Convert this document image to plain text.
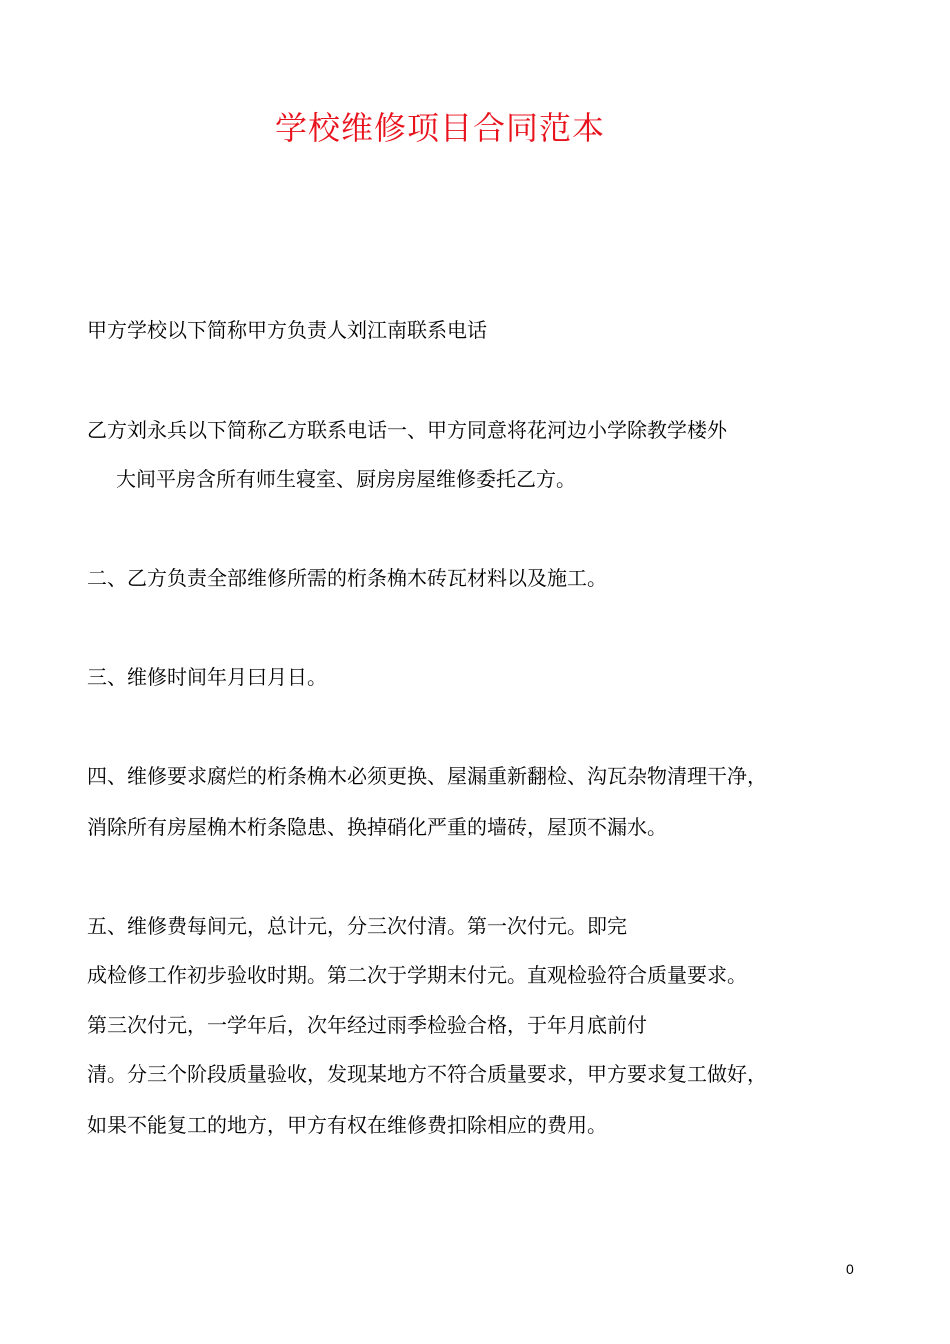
学校维修项目合同范本
甲方学校以下简称甲方负责人刘江南联系电话
乙方刘永兵以下简称乙方联系电话一、甲方同意将花河边小学除教学楼外
大间平房含所有师生寝室、厨房房屋维修委托乙方。
二、乙方负责全部维修所需的桁条桷木砖瓦材料以及施工。
三、维修时间年月曰月日。
四、维修要求腐烂的桁条桷木必须更换、屋漏重新翻检、沟瓦杂物清理干净，
消除所有房屋桷木桁条隐患、换掉硝化严重的墙砖，屋顶不漏水。
五、维修费每间元，总计元，分三次付清。第一次付元。即完
成检修工作初步验收时期。第二次于学期末付元。直观检验符合质量要求。
第三次付元，一学年后，次年经过雨季检验合格，于年月底前付
清。分三个阶段质量验收，发现某地方不符合质量要求，甲方要求复工做好，
如果不能复工的地方，甲方有权在维修费扣除相应的费用。
0
